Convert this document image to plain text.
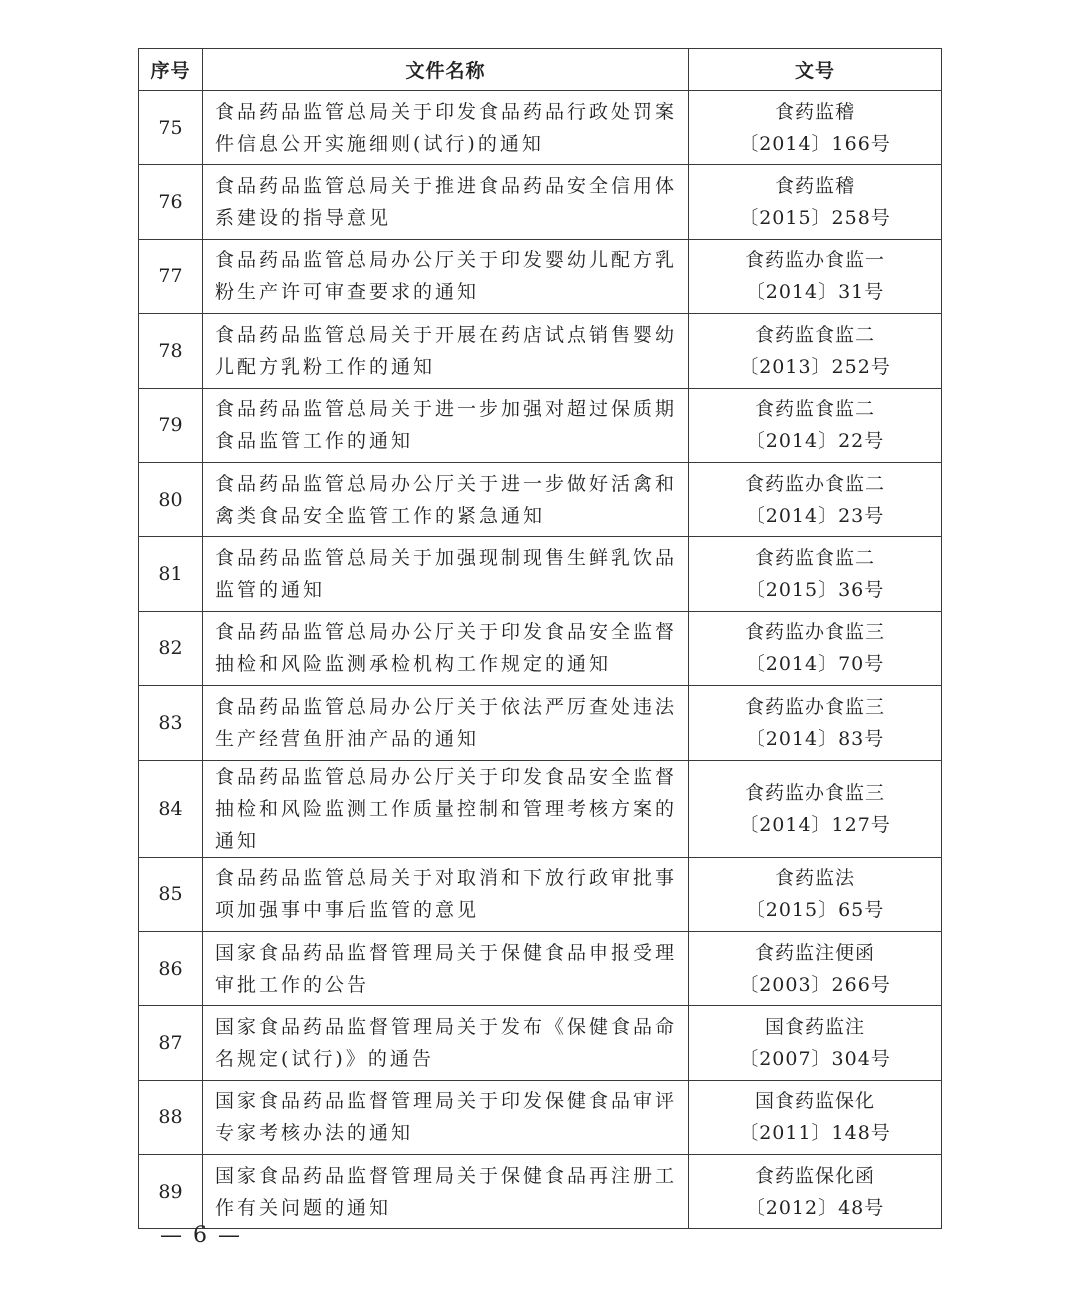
序号	文件名称	文号
75	食品药品监管总局关于印发食品药品行政处罚案件信息公开实施细则(试行)的通知	食药监稽
〔2014〕166号

76	食品药品监管总局关于推进食品药品安全信用体系建设的指导意见	食药监稽
〔2015〕258号

77	食品药品监管总局办公厅关于印发婴幼儿配方乳粉生产许可审查要求的通知	食药监办食监一
〔2014〕31号

78	食品药品监管总局关于开展在药店试点销售婴幼儿配方乳粉工作的通知	食药监食监二
〔2013〕252号

79	食品药品监管总局关于进一步加强对超过保质期食品监管工作的通知	食药监食监二
〔2014〕22号

80	食品药品监管总局办公厅关于进一步做好活禽和禽类食品安全监管工作的紧急通知	食药监办食监二
〔2014〕23号

81	食品药品监管总局关于加强现制现售生鲜乳饮品监管的通知	食药监食监二
〔2015〕36号

82	食品药品监管总局办公厅关于印发食品安全监督抽检和风险监测承检机构工作规定的通知	食药监办食监三
〔2014〕70号

83	食品药品监管总局办公厅关于依法严厉查处违法生产经营鱼肝油产品的通知	食药监办食监三
〔2014〕83号

84	食品药品监管总局办公厅关于印发食品安全监督抽检和风险监测工作质量控制和管理考核方案的通知	食药监办食监三
〔2014〕127号

85	食品药品监管总局关于对取消和下放行政审批事项加强事中事后监管的意见	食药监法
〔2015〕65号

86	国家食品药品监督管理局关于保健食品申报受理审批工作的公告	食药监注便函
〔2003〕266号

87	国家食品药品监督管理局关于发布《保健食品命名规定(试行)》的通告	国食药监注
〔2007〕304号

88	国家食品药品监督管理局关于印发保健食品审评专家考核办法的通知	国食药监保化
〔2011〕148号

89	国家食品药品监督管理局关于保健食品再注册工作有关问题的通知	食药监保化函
〔2012〕48号
— 6 —
